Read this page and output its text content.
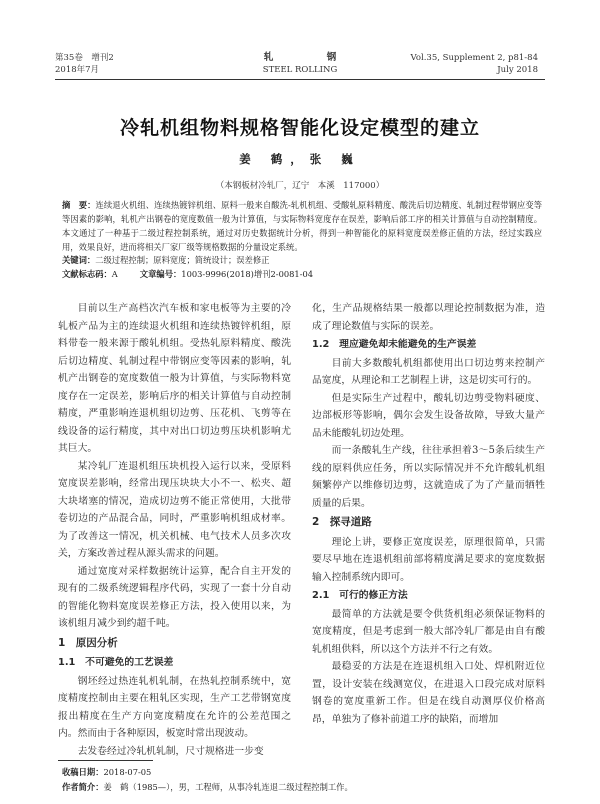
第35卷　增刊2
2018年7月
轧　钢
STEEL ROLLING
Vol.35, Supplement 2, p81-84
July 2018
冷轧机组物料规格智能化设定模型的建立
姜 鹤，张 巍
（本钢板材冷轧厂，辽宁　本溪　117000）
摘　要：连续退火机组、连续热镀锌机组、原料一般来自酸洗-轧机机组、受酸轧原料精度、酸洗后切边精度、轧制过程带钢应变等等因素的影响，轧机产出钢卷的宽度数值一般为计算值，与实际物料宽度存在误差，影响后部工序的相关计算值与自动控制精度。本文通过了一种基于二级过程控制系统，通过对历史数据统计分析，得到一种智能化的原料宽度误差修正值的方法，经过实践应用，效果良好，进而将相关厂家厂级等规格数据的分量设定系统。
关键词：二级过程控制；原料宽度；简统设计；误差修正
文献标志码：A	文章编号：1003-9996(2018)增刊2-0081-04

目前以生产高档次汽车板和家电板等为主要的冷轧板产品为主的连续退火机组和连续热镀锌机组，原料带卷一般来源于酸轧机组。受热轧原料精度、酸洗后切边精度、轧制过程中带钢应变等因素的影响，轧机产出钢卷的宽度数值一般为计算值，与实际物料宽度存在一定误差，影响后序的相关计算值与自动控制精度，严重影响连退机组切边剪、压花机、飞剪等在线设备的运行精度，其中对出口切边剪压块机影响尤其巨大。

某冷轧厂连退机组压块机投入运行以来，受原料宽度误差影响，经常出现压块块大小不一、松夹、超大块堵塞的情况，造成切边剪不能正常使用，大批带卷切边的产品混合品，同时，严重影响机组成材率。为了改善这一情况，机关机械、电气技术人员多次攻关，方案改善过程从源头需求的问题。

通过宽度对采样数据统计运算，配合自主开发的现有的二级系统逻辑程序代码，实现了一套十分自动的智能化物料宽度误差修正方法，投入使用以来，为该机组月减少到约超千吨。

1　原因分析
1.1　不可避免的工艺误差

钢坯经过热连轧机轧制，在热轧控制系统中，宽度精度控制由主要在粗轧区实现，生产工艺带钢宽度报出精度在生产方向宽度精度在允许的公差范围之内。然而由于各种原因，板宽时常出现波动。

去发卷经过冷轧机轧制，尺寸规格进一步变

化，生产品规格结果一般都以理论控制数据为准，造成了理论数值与实际的误差。

1.2　理应避免却未能避免的生产误差

目前大多数酸轧机组都使用出口切边剪来控制产品宽度，从理论和工艺制程上讲，这是切实可行的。

但是实际生产过程中，酸轧切边剪受物料硬度、边部板形等影响，偶尔会发生设备故障，导致大量产品未能酸轧切边处理。

而一条酸轧生产线，往往承担着3～5条后续生产线的原料供应任务，所以实际情况并不允许酸轧机组频繁停产以维修切边剪，这就造成了为了产量而牺牲质量的后果。

2　探寻道路

理论上讲，要修正宽度误差，原理很简单，只需要尽早地在连退机组前部将精度满足要求的宽度数据输入控制系统内即可。

2.1　可行的修正方法

最简单的方法就是要令供货机组必须保证物料的宽度精度，但是考虑到一般大部冷轧厂都是由自有酸轧机组供料，所以这个方法并不行之有效。

最稳妥的方法是在连退机组入口处、焊机附近位置，设计安装在线测宽仪，在进退入口段完成对原料钢卷的宽度重新工作。但是在线自动测厚仪价格高昂，单独为了修补前道工序的缺陷，而增加

收稿日期：2018-07-05
作者简介：姜　鹤（1985—），男，工程师，从事冷轧连退二级过程控制工作。
